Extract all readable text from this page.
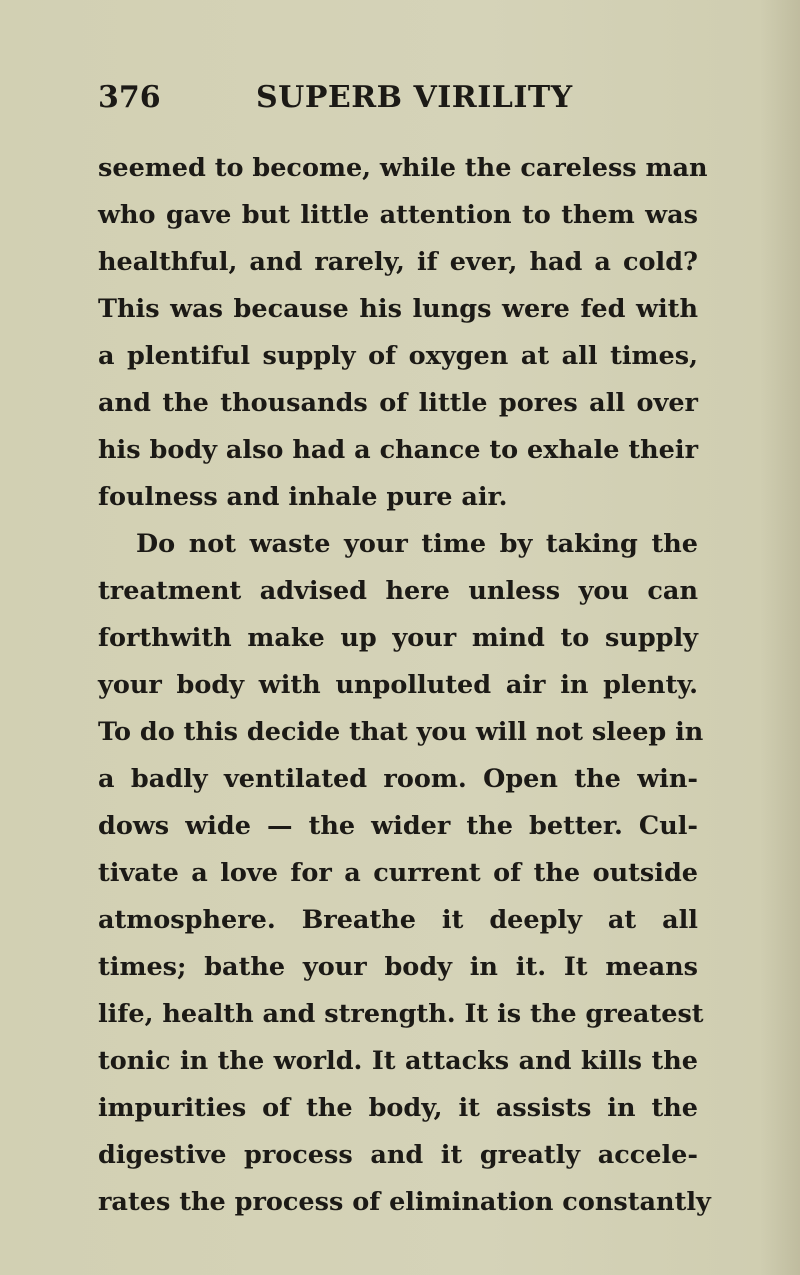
376	SUPERB VIRILITY
seemed to become, while the careless man
who gave but little attention to them was
healthful, and rarely, if ever, had a cold?
This was because his lungs were fed with
a plentiful supply of oxygen at all times,
and the thousands of little pores all over
his body also had a chance to exhale their
foulness and inhale pure air.
Do not waste your time by taking the
treatment advised here unless you can
forthwith make up your mind to supply
your body with unpolluted air in plenty.
To do this decide that you will not sleep in
a badly ventilated room. Open the win-
dows wide — the wider the better. Cul-
tivate a love for a current of the outside
atmosphere. Breathe it deeply at all
times; bathe your body in it. It means
life, health and strength. It is the greatest
tonic in the world. It attacks and kills the
impurities of the body, it assists in the
digestive process and it greatly accele-
rates the process of elimination constantly
